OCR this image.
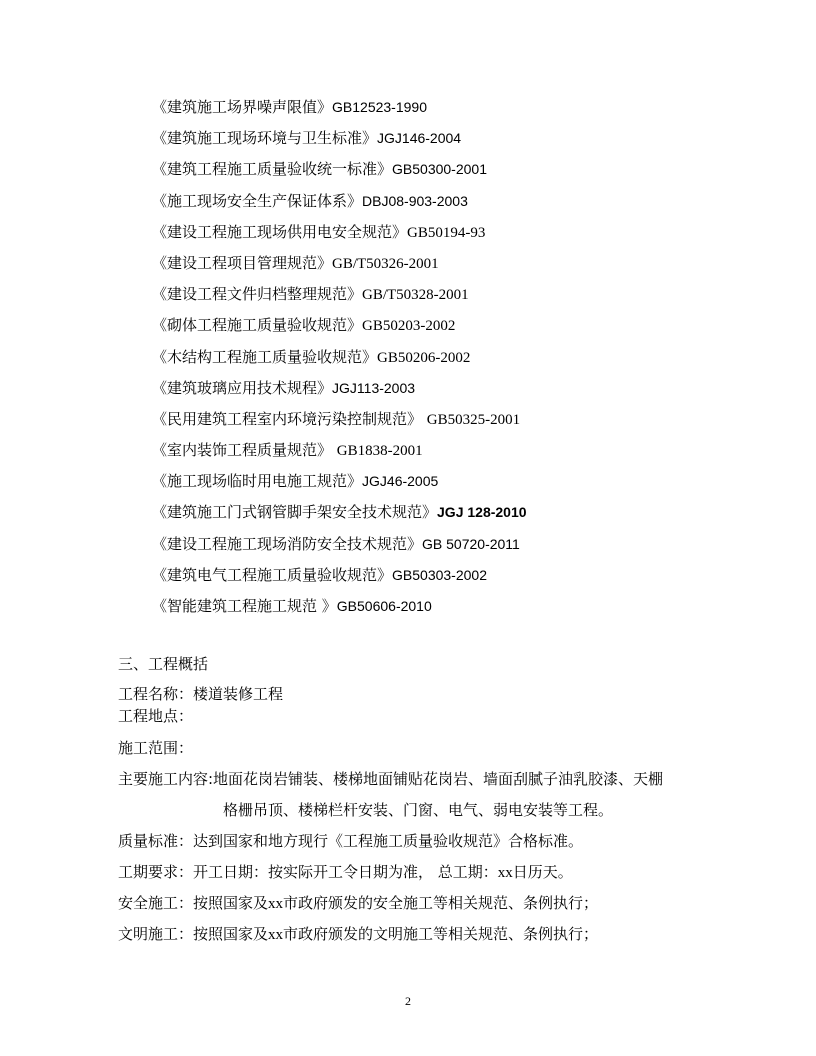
《建筑施工场界噪声限值》GB12523-1990
《建筑施工现场环境与卫生标准》JGJ146-2004
《建筑工程施工质量验收统一标准》GB50300-2001
《施工现场安全生产保证体系》DBJ08-903-2003
《建设工程施工现场供用电安全规范》GB50194-93
《建设工程项目管理规范》GB/T50326-2001
《建设工程文件归档整理规范》GB/T50328-2001
《砌体工程施工质量验收规范》GB50203-2002
《木结构工程施工质量验收规范》GB50206-2002
《建筑玻璃应用技术规程》JGJ113-2003
《民用建筑工程室内环境污染控制规范》 GB50325-2001
《室内装饰工程质量规范》 GB1838-2001
《施工现场临时用电施工规范》JGJ46-2005
《建筑施工门式钢管脚手架安全技术规范》JGJ 128-2010
《建设工程施工现场消防安全技术规范》GB 50720-2011
《建筑电气工程施工质量验收规范》GB50303-2002
《智能建筑工程施工规范 》GB50606-2010
三、工程概括
工程名称：楼道装修工程
工程地点：
施工范围：
主要施工内容:地面花岗岩铺装、楼梯地面铺贴花岗岩、墙面刮腻子油乳胶漆、天棚
格栅吊顶、楼梯栏杆安装、门窗、电气、弱电安装等工程。
质量标准：达到国家和地方现行《工程施工质量验收规范》合格标准。
工期要求：开工日期：按实际开工令日期为准， 总工期：xx日历天。
安全施工：按照国家及xx市政府颁发的安全施工等相关规范、条例执行；
文明施工：按照国家及xx市政府颁发的文明施工等相关规范、条例执行；
2
